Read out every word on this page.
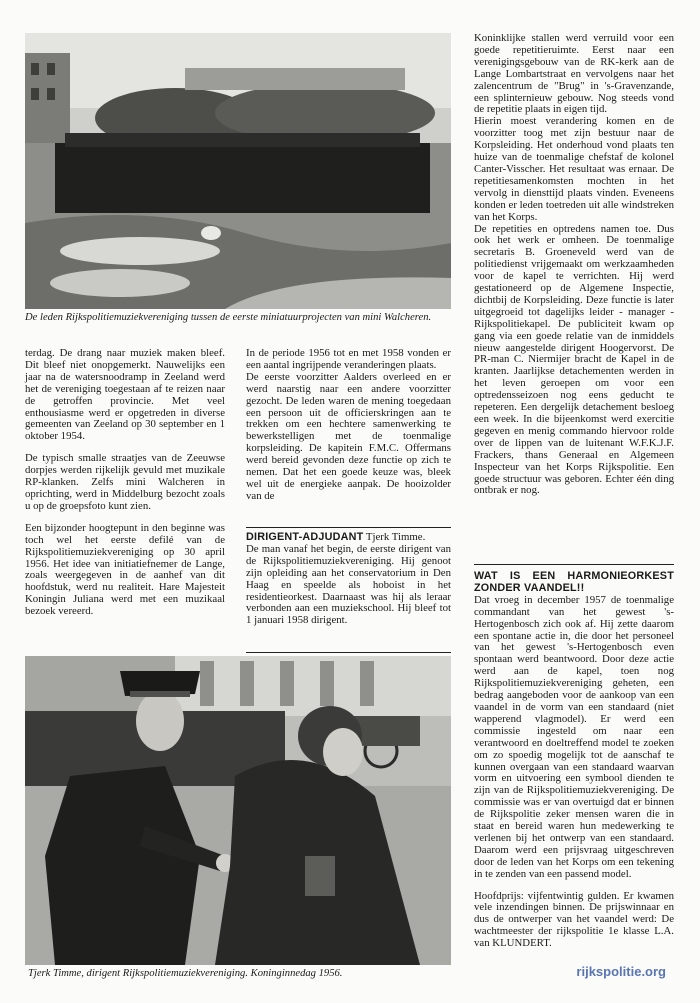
De leden Rijkspolitiemuziekvereniging tussen de eerste miniatuurprojecten van mini Walcheren.

terdag. De drang naar muziek maken bleef. Dit bleef niet onopgemerkt. Nauwelijks een jaar na de watersnoodramp in Zeeland werd het de vereniging toegestaan af te reizen naar de getroffen provincie. Met veel enthousiasme werd er opgetreden in diverse gemeenten van Zeeland op 30 september en 1 oktober 1954.

De typisch smalle straatjes van de Zeeuwse dorpjes werden rijkelijk gevuld met muzikale RP-klanken. Zelfs mini Walcheren in oprichting, werd in Middelburg bezocht zoals u op de groepsfoto kunt zien.

Een bijzonder hoogtepunt in den beginne was toch wel het eerste defilé van de Rijkspolitiemuziekvereniging op 30 april 1956. Het idee van initiatiefnemer de Lange, zoals weergegeven in de aanhef van dit hoofdstuk, werd nu realiteit. Hare Majesteit Koningin Juliana werd met een muzikaal bezoek vereerd.

In de periode 1956 tot en met 1958 vonden er een aantal ingrijpende veranderingen plaats.

De eerste voorzitter Aalders overleed en er werd naarstig naar een andere voorzitter gezocht. De leden waren de mening toegedaan een persoon uit de officierskringen aan te trekken om een hechtere samenwerking te bewerkstelligen met de toenmalige korpsleiding. De kapitein F.M.C. Offermans werd bereid gevonden deze functie op zich te nemen. Dat het een goede keuze was, bleek wel uit de energieke aanpak. De hooizolder van de

DIRIGENT-ADJUDANT Tjerk Timme.

De man vanaf het begin, de eerste dirigent van de Rijkspolitiemuziekvereniging. Hij genoot zijn opleiding aan het conservatorium in Den Haag en speelde als hoboist in het residentieorkest. Daarnaast was hij als leraar verbonden aan een muziekschool. Hij bleef tot 1 januari 1958 dirigent.

Tjerk Timme, dirigent Rijkspolitiemuziekvereniging. Koninginnedag 1956.

Koninklijke stallen werd verruild voor een goede repetitieruimte. Eerst naar een verenigingsgebouw van de RK-kerk aan de Lange Lombartstraat en vervolgens naar het zalencentrum de "Brug" in 's-Gravenzande, een splinternieuw gebouw. Nog steeds vond de repetitie plaats in eigen tijd.

Hierin moest verandering komen en de voorzitter toog met zijn bestuur naar de Korpsleiding. Het onderhoud vond plaats ten huize van de toenmalige chefstaf de kolonel Canter-Visscher. Het resultaat was ernaar. De repetitiesamenkomsten mochten in het vervolg in diensttijd plaats vinden. Eveneens konden er leden toetreden uit alle windstreken van het Korps.

De repetities en optredens namen toe. Dus ook het werk er omheen. De toenmalige secretaris B. Groeneveld werd van de politiedienst vrijgemaakt om werkzaamheden voor de kapel te verrichten. Hij werd gestationeerd op de Algemene Inspectie, dichtbij de Korpsleiding. Deze functie is later uitgegroeid tot dagelijks leider - manager - Rijkspolitiekapel. De publiciteit kwam op gang via een goede relatie van de inmiddels nieuw aangestelde dirigent Hoogervorst. De PR-man C. Niermijer bracht de Kapel in de kranten. Jaarlijkse detachementen werden in het leven geroepen om voor een optredensseizoen nog eens geducht te repeteren. Een dergelijk detachement besloeg een week. In die bijeenkomst werd exercitie gegeven en menig commando hiervoor rolde over de lippen van de luitenant W.F.K.J.F. Frackers, thans Generaal en Algemeen Inspecteur van het Korps Rijkspolitie. Een goede structuur was geboren. Echter één ding ontbrak er nog.

WAT IS EEN HARMONIEORKEST ZONDER VAANDEL!!

Dat vroeg in december 1957 de toenmalige commandant van het gewest 's-Hertogenbosch zich ook af. Hij zette daarom een spontane actie in, die door het personeel van het gewest 's-Hertogenbosch even spontaan werd beantwoord. Door deze actie werd aan de kapel, toen nog Rijkspolitiemuziekvereniging geheten, een bedrag aangeboden voor de aankoop van een vaandel in de vorm van een standaard (niet wapperend vlagmodel). Er werd een commissie ingesteld om naar een verantwoord en doeltreffend model te zoeken om zo spoedig mogelijk tot de aanschaf te kunnen overgaan van een standaard waarvan vorm en uitvoering een symbool dienden te zijn van de Rijkspolitiemuziekvereniging. De commissie was er van overtuigd dat er binnen de Rijkspolitie zeker mensen waren die in staat en bereid waren hun medewerking te verlenen bij het ontwerp van een standaard. Daarom werd een prijsvraag uitgeschreven door de leden van het Korps om een tekening in te zenden van een passend model.

Hoofdprijs: vijfentwintig gulden. Er kwamen vele inzendingen binnen. De prijswinnaar en dus de ontwerper van het vaandel werd: De wachtmeester der rijkspolitie 1e klasse L.A. van KLUNDERT.

rijkspolitie.org
